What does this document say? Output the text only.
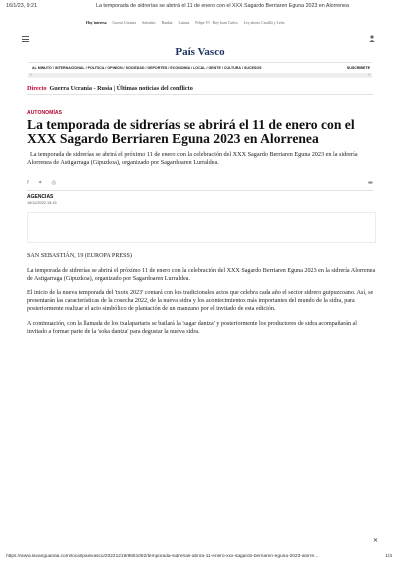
16/1/23, 9:21	La temporada de sidrerías se abrirá el 11 de enero con el XXX Sagardo Berriaren Eguna 2023 en Alorrenea
Hoy interesa Guerra Ucrania Salvados Bankia Latinia Felipe VI · Rey Juan Carlos Ley aborto Castilla y León
País Vasco
AL MINUTO / INTERNACIONAL / POLÍTICA / OPINIÓN / SOCIEDAD / DEPORTES / ECONOMÍA / LOCAL / GENTE / CULTURA / SUCESOS	SUSCRIBETE
‹	›
Directo Guerra Ucrania - Rusia | Últimas noticias del conflicto
AUTONOMÍAS
La temporada de sidrerías se abrirá el 11 de enero con el XXX Sagardo Berriaren Eguna 2023 en Alorrenea

La temporada de sidrerías se abrirá el próximo 11 de enero con la celebración del XXX Sagardo Berriaren Eguna 2023 en la sidrería Alorrenea de Astigarraga (Gipuzkoa), organizado por Sagardoaren Lurraldea.

f ✦ ◎	▬
AGENCIAS
19/12/2022 15:15

SAN SEBASTIÁN, 19 (EUROPA PRESS)

La temporada de sidrerías se abrirá el próximo 11 de enero con la celebración del XXX Sagardo Berriaren Eguna 2023 en la sidrería Alorrenea de Astigarraga (Gipuzkoa), organizado por Sagardoaren Lurraldea.

El inicio de la nueva temporada del 'txotx 2023' contará con los tradicionales actos que celebra cada año el sector sidrero guipuzcoano. Así, se presentarán las características de la cosecha 2022, de la nueva sidra y los acontecimientos más importantes del mundo de la sidra, para posteriormente realizar el acto simbólico de plantación de un manzano por el invitado de esta edición.

A continuación, con la llamada de los txalapartaris se bailará la 'sagar dantza' y posteriormente los productores de sidra acompañarán al invitado a formar parte de la 'soka dantza' para degustar la nueva sidra.

✕
https://www.lavanguardia.com/local/paisvasco/20221219/8651062/temporada-sidrerias-abrira-11-enero-xxx-sagardo-berriaren-eguna-2023-alorre...	1/3
